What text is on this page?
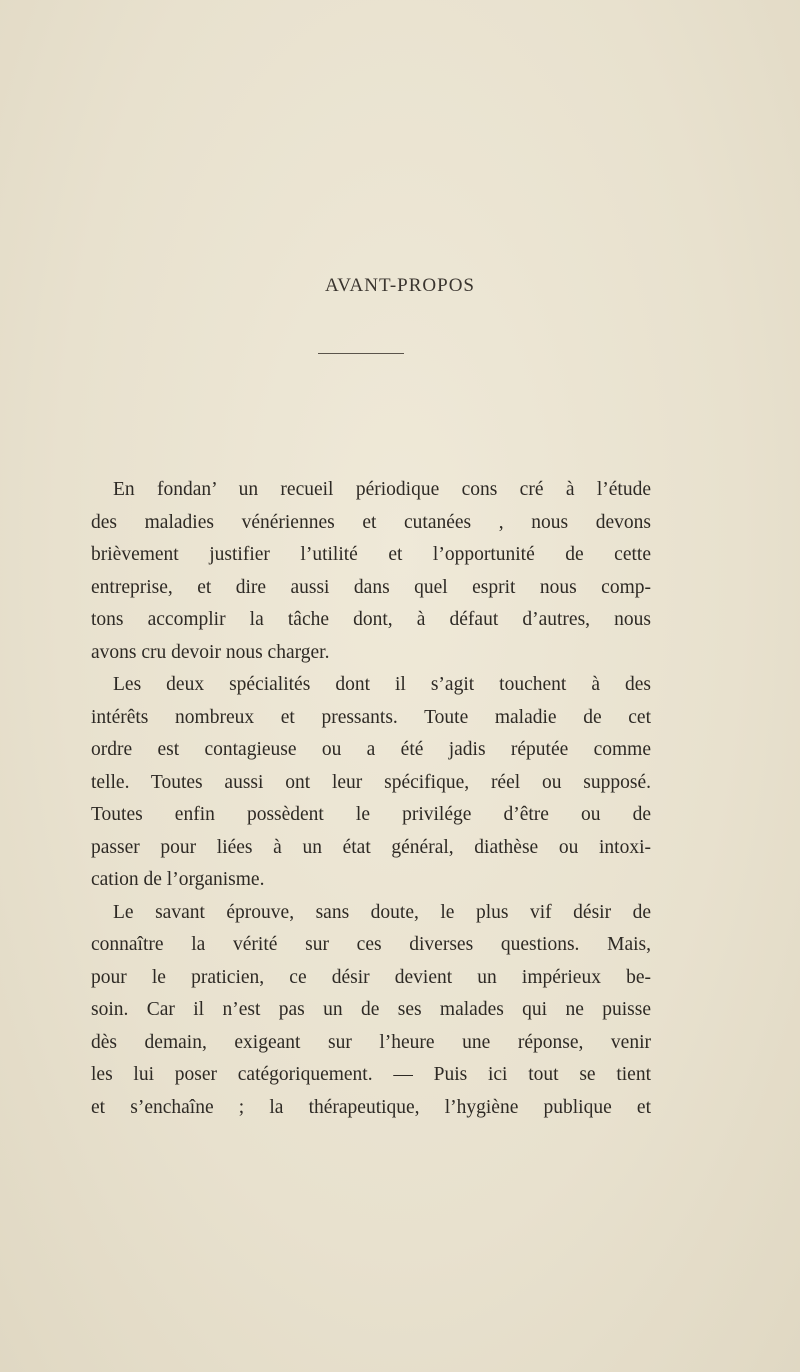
AVANT-PROPOS
En fondan’ un recueil périodique cons cré à l’étude
des maladies vénériennes et cutanées , nous devons
brièvement justifier l’utilité et l’opportunité de cette
entreprise, et dire aussi dans quel esprit nous comp-
tons accomplir la tâche dont, à défaut d’autres, nous
avons cru devoir nous charger.
Les deux spécialités dont il s’agit touchent à des
intérêts nombreux et pressants. Toute maladie de cet
ordre est contagieuse ou a été jadis réputée comme
telle. Toutes aussi ont leur spécifique, réel ou supposé.
Toutes enfin possèdent le privilége d’être ou de
passer pour liées à un état général, diathèse ou intoxi-
cation de l’organisme.
Le savant éprouve, sans doute, le plus vif désir de
connaître la vérité sur ces diverses questions. Mais,
pour le praticien, ce désir devient un impérieux be-
soin. Car il n’est pas un de ses malades qui ne puisse
dès demain, exigeant sur l’heure une réponse, venir
les lui poser catégoriquement. — Puis ici tout se tient
et s’enchaîne ; la thérapeutique, l’hygiène publique et
